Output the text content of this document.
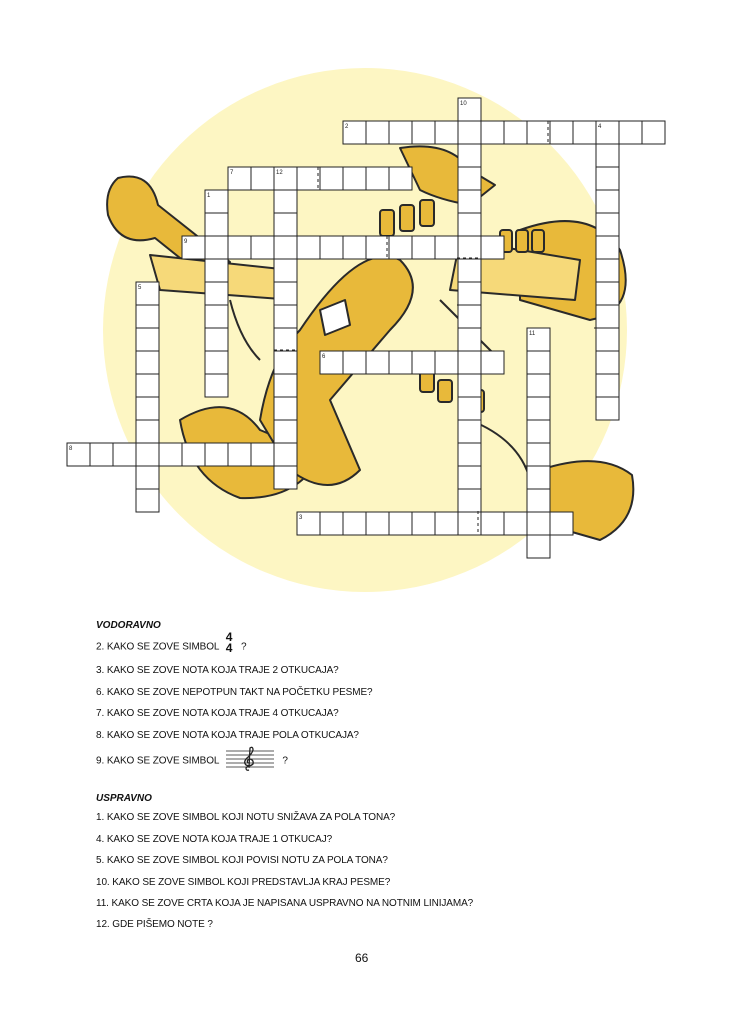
2
7
9
6
8
3
10
4
12
1
5
11
VODORAVNO
2. KAKO SE ZOVE SIMBOL
4
4 ?
3. KAKO SE ZOVE NOTA KOJA TRAJE 2 OTKUCAJA?
6. KAKO SE ZOVE NEPOTPUN TAKT NA POČETKU PESME?
7. KAKO SE ZOVE NOTA KOJA TRAJE 4 OTKUCAJA?
8. KAKO SE ZOVE NOTA KOJA TRAJE POLA OTKUCAJA?
9. KAKO SE ZOVE SIMBOL	?
USPRAVNO
1. KAKO SE ZOVE SIMBOL KOJI NOTU SNIŽAVA ZA POLA TONA?
4. KAKO SE ZOVE NOTA KOJA TRAJE 1 OTKUCAJ?
5. KAKO SE ZOVE SIMBOL KOJI POVISI NOTU ZA POLA TONA?
10. KAKO SE ZOVE SIMBOL KOJI PREDSTAVLJA KRAJ PESME?
11. KAKO SE ZOVE CRTA KOJA JE NAPISANA USPRAVNO NA NOTNIM LINIJAMA?
12. GDE PIŠEMO NOTE ?
66
